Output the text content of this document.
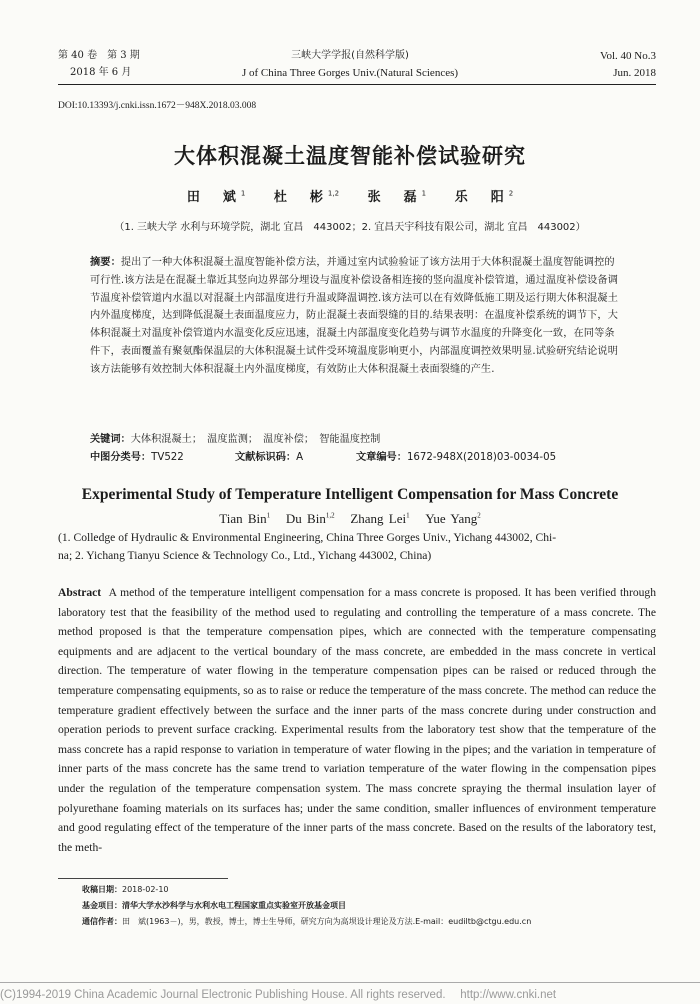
第 40 卷　第 3 期
2018 年 6 月
三峡大学学报(自然科学版)
J of China Three Gorges Univ.(Natural Sciences)
Vol. 40 No.3
Jun. 2018
DOI:10.13393/j.cnki.issn.1672－948X.2018.03.008
大体积混凝土温度智能补偿试验研究
田　斌$^1$ 杜　彬$^{1,2}$ 张　磊$^1$ 乐　阳$^2$
（1. 三峡大学 水利与环境学院，湖北 宜昌　443002；2. 宜昌天宇科技有限公司，湖北 宜昌　443002）
摘要：提出了一种大体积混凝土温度智能补偿方法，并通过室内试验验证了该方法用于大体积混凝土温度智能调控的可行性.该方法是在混凝土靠近其竖向边界部分埋设与温度补偿设备相连接的竖向温度补偿管道，通过温度补偿设备调节温度补偿管道内水温以对混凝土内部温度进行升温或降温调控.该方法可以在有效降低施工期及运行期大体积混凝土内外温度梯度，达到降低混凝土表面温度应力，防止混凝土表面裂缝的目的.结果表明：在温度补偿系统的调节下，大体积混凝土对温度补偿管道内水温变化反应迅速，混凝土内部温度变化趋势与调节水温度的升降变化一致，在同等条件下，表面覆盖有聚氨酯保温层的大体积混凝土试件受环境温度影响更小，内部温度调控效果明显.试验研究结论说明该方法能够有效控制大体积混凝土内外温度梯度，有效防止大体积混凝土表面裂缝的产生.
关键词：大体积混凝土；　温度监测；　温度补偿；　智能温度控制
中图分类号：TV522	文献标识码：A	文章编号：1672-948X(2018)03-0034-05
Experimental Study of Temperature Intelligent Compensation for Mass Concrete
Tian Bin$^1$ Du Bin$^{1,2}$ Zhang Lei$^1$ Yue Yang$^2$
(1. Colledge of Hydraulic & Environmental Engineering, China Three Gorges Univ., Yichang 443002, Chi-
na; 2. Yichang Tianyu Science & Technology Co., Ltd., Yichang 443002, China)
Abstract A method of the temperature intelligent compensation for a mass concrete is proposed. It has been verified through laboratory test that the feasibility of the method used to regulating and controlling the temperature of a mass concrete. The method proposed is that the temperature compensation pipes, which are connected with the temperature compensating equipments and are adjacent to the vertical boundary of the mass concrete, are embedded in the mass concrete in vertical direction. The temperature of water flowing in the temperature compensation pipes can be raised or reduced through the temperature compensating equipments, so as to raise or reduce the temperature of the mass concrete. The method can reduce the temperature gradient effectively between the surface and the inner parts of the mass concrete during under construction and operation periods to prevent surface cracking. Experimental results from the laboratory test show that the temperature of the mass concrete has a rapid response to variation in temperature of water flowing in the pipes; and the variation in temperature of inner parts of the mass concrete has the same trend to variation temperature of the water flowing in the compensation pipes under the regulation of the temperature compensation system. The mass concrete spraying the thermal insulation layer of polyurethane foaming materials on its surfaces has; under the same condition, smaller influences of environment temperature and good regulating effect of the temperature of the inner parts of the mass concrete. Based on the results of the laboratory test, the meth-
收稿日期：2018-02-10
基金项目：清华大学水沙科学与水利水电工程国家重点实验室开放基金项目
通信作者：田　斌(1963－)，男，教授，博士，博士生导师，研究方向为高坝设计理论及方法.E-mail：eudiltb@ctgu.edu.cn
(C)1994-2019 China Academic Journal Electronic Publishing House. All rights reserved.　 http://www.cnki.net
